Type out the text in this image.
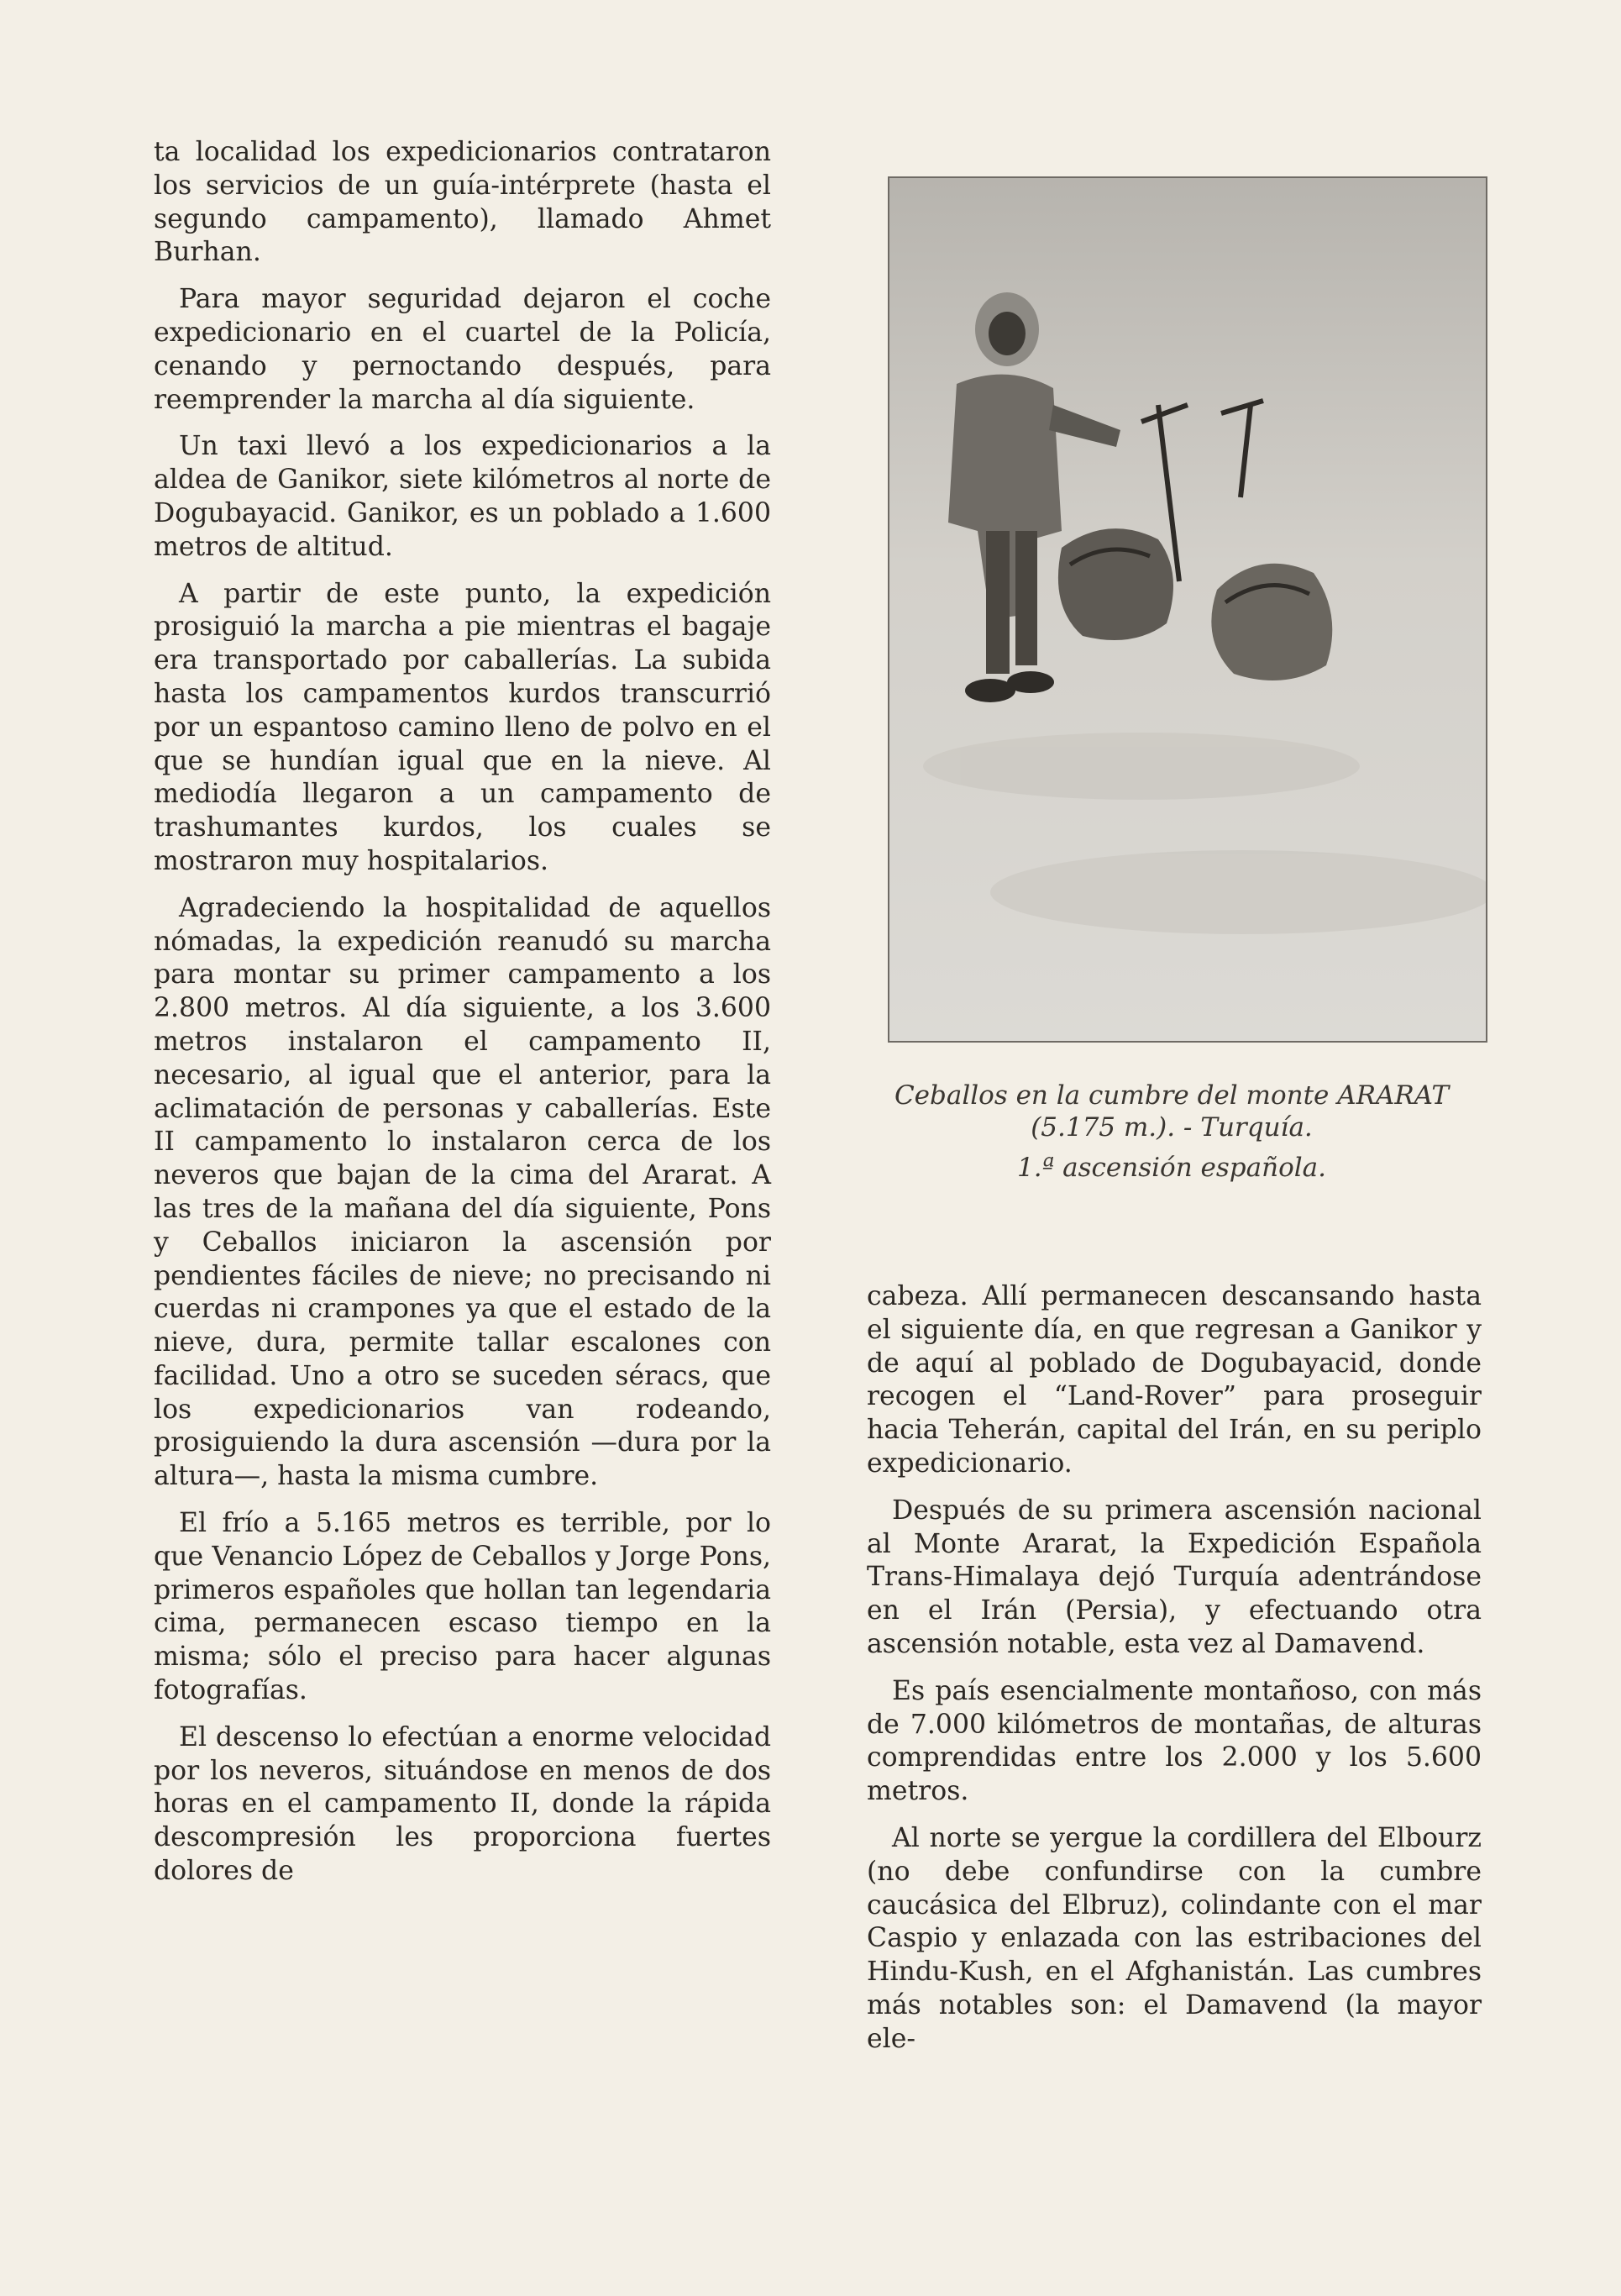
ta localidad los expedicionarios contrataron los servicios de un guía-intérprete (hasta el segundo campamento), llamado Ahmet Burhan.

Para mayor seguridad dejaron el coche expedicionario en el cuartel de la Policía, cenando y pernoctando después, para reemprender la marcha al día siguiente.

Un taxi llevó a los expedicionarios a la aldea de Ganikor, siete kilómetros al norte de Dogubayacid. Ganikor, es un poblado a 1.600 metros de altitud.

A partir de este punto, la expedición prosiguió la marcha a pie mientras el bagaje era transportado por caballerías. La subida hasta los campamentos kurdos transcurrió por un espantoso camino lleno de polvo en el que se hundían igual que en la nieve. Al mediodía llegaron a un campamento de trashumantes kurdos, los cuales se mostraron muy hospitalarios.

Agradeciendo la hospitalidad de aquellos nómadas, la expedición reanudó su marcha para montar su primer campamento a los 2.800 metros. Al día siguiente, a los 3.600 metros instalaron el campamento II, necesario, al igual que el anterior, para la aclimatación de personas y caballerías. Este II campamento lo instalaron cerca de los neveros que bajan de la cima del Ararat. A las tres de la mañana del día siguiente, Pons y Ceballos iniciaron la ascensión por pendientes fáciles de nieve; no precisando ni cuerdas ni crampones ya que el estado de la nieve, dura, permite tallar escalones con facilidad. Uno a otro se suceden séracs, que los expedicionarios van rodeando, prosiguiendo la dura ascensión —dura por la altura—, hasta la misma cumbre.

El frío a 5.165 metros es terrible, por lo que Venancio López de Ceballos y Jorge Pons, primeros españoles que hollan tan legendaria cima, permanecen escaso tiempo en la misma; sólo el preciso para hacer algunas fotografías.

El descenso lo efectúan a enorme velocidad por los neveros, situándose en menos de dos horas en el campamento II, donde la rápida descompresión les proporciona fuertes dolores de

Ceballos en la cumbre del monte ARARAT (5.175 m.). - Turquía.

1.ª ascensión española.

cabeza. Allí permanecen descansando hasta el siguiente día, en que regresan a Ganikor y de aquí al poblado de Dogubayacid, donde recogen el “Land-Rover” para proseguir hacia Teherán, capital del Irán, en su periplo expedicionario.

Después de su primera ascensión nacional al Monte Ararat, la Expedición Española Trans-Himalaya dejó Turquía adentrándose en el Irán (Persia), y efectuando otra ascensión notable, esta vez al Damavend.

Es país esencialmente montañoso, con más de 7.000 kilómetros de montañas, de alturas comprendidas entre los 2.000 y los 5.600 metros.

Al norte se yergue la cordillera del Elbourz (no debe confundirse con la cumbre caucásica del Elbruz), colindante con el mar Caspio y enlazada con las estribaciones del Hindu-Kush, en el Afghanistán. Las cumbres más notables son: el Damavend (la mayor ele-
